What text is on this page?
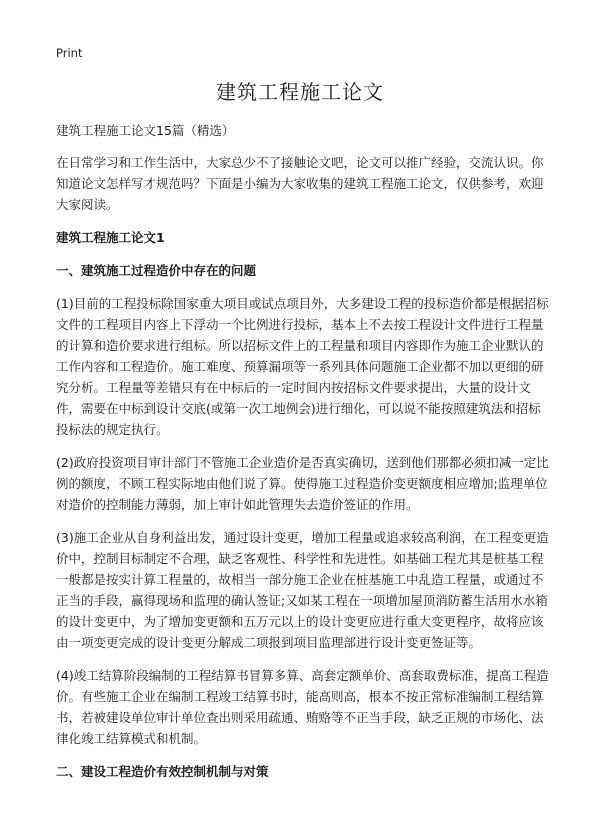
Print
建筑工程施工论文

建筑工程施工论文15篇（精选）

在日常学习和工作生活中，大家总少不了接触论文吧，论文可以推广经验，交流认识。你知道论文怎样写才规范吗？下面是小编为大家收集的建筑工程施工论文，仅供参考，欢迎大家阅读。

建筑工程施工论文1

一、建筑施工过程造价中存在的问题

(1)目前的工程投标除国家重大项目或试点项目外，大多建设工程的投标造价都是根据招标文件的工程项目内容上下浮动一个比例进行投标，基本上不去按工程设计文件进行工程量的计算和造价要求进行组标。所以招标文件上的工程量和项目内容即作为施工企业默认的工作内容和工程造价。施工难度、预算漏项等一系列具体问题施工企业都不加以更细的研究分析。工程量等差错只有在中标后的一定时间内按招标文件要求提出，大量的设计文件，需要在中标到设计交底(或第一次工地例会)进行细化，可以说不能按照建筑法和招标投标法的规定执行。

(2)政府投资项目审计部门不管施工企业造价是否真实确切，送到他们那都必须扣减一定比例的额度，不顾工程实际地由他们说了算。使得施工过程造价变更额度相应增加;监理单位对造价的控制能力薄弱，加上审计如此管理失去造价签证的作用。

(3)施工企业从自身利益出发，通过设计变更，增加工程量或追求较高利润，在工程变更造价中，控制目标制定不合理，缺乏客观性、科学性和先进性。如基础工程尤其是桩基工程一般都是按实计算工程量的，故相当一部分施工企业在桩基施工中乱造工程量，或通过不正当的手段，赢得现场和监理的确认签证;又如某工程在一项增加屋顶消防蓄生活用水水箱的设计变更中，为了增加变更额和五万元以上的设计变更应进行重大变更程序，故将应该由一项变更完成的设计变更分解成二项报到项目监理部进行设计变更签证等。

(4)竣工结算阶段编制的工程结算书冒算多算、高套定额单价、高套取费标准，提高工程造价。有些施工企业在编制工程竣工结算书时，能高则高，根本不按正常标准编制工程结算书，若被建设单位审计单位查出则采用疏通、贿赂等不正当手段，缺乏正规的市场化、法律化竣工结算模式和机制。

二、建设工程造价有效控制机制与对策
